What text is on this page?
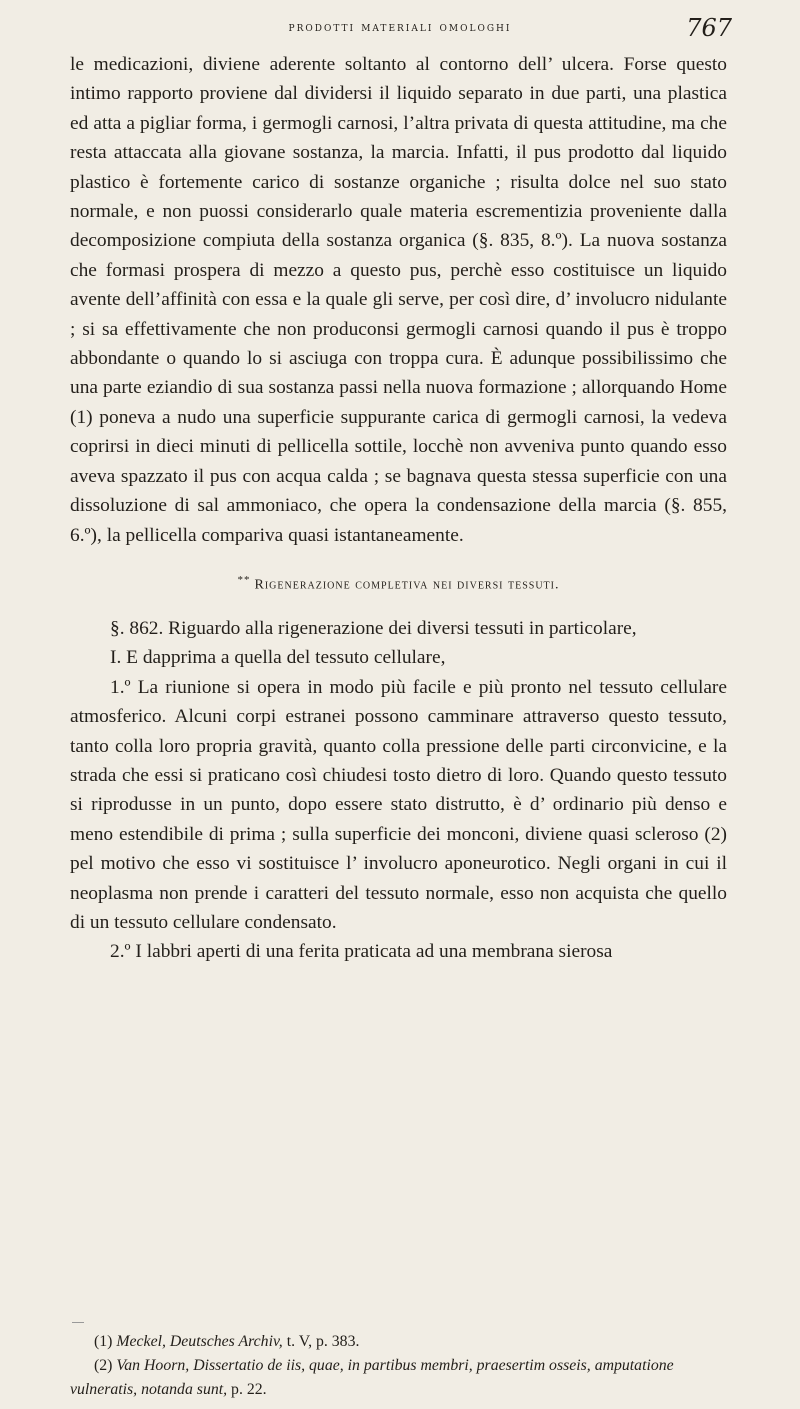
prodotti materiali omologhi	767

le medicazioni, diviene aderente soltanto al contorno dell’ ulcera. Forse questo intimo rapporto proviene dal dividersi il liquido separato in due parti, una plastica ed atta a pigliar forma, i germogli carnosi, l’altra privata di questa attitudine, ma che resta attaccata alla giovane sostanza, la marcia. Infatti, il pus prodotto dal liquido plastico è fortemente carico di sostanze organiche ; risulta dolce nel suo stato normale, e non puossi considerarlo quale materia escrementizia proveniente dalla decomposizione compiuta della sostanza organica (§. 835, 8.º). La nuova sostanza che formasi prospera di mezzo a questo pus, perchè esso costituisce un liquido avente dell’affinità con essa e la quale gli serve, per così dire, d’ involucro nidulante ; si sa effettivamente che non produconsi germogli carnosi quando il pus è troppo abbondante o quando lo si asciuga con troppa cura. È adunque possibilissimo che una parte eziandio di sua sostanza passi nella nuova formazione ; allorquando Home (1) poneva a nudo una superficie suppurante carica di germogli carnosi, la vedeva coprirsi in dieci minuti di pellicella sottile, locchè non avveniva punto quando esso aveva spazzato il pus con acqua calda ; se bagnava questa stessa superficie con una dissoluzione di sal ammoniaco, che opera la condensazione della marcia (§. 855, 6.º), la pellicella compariva quasi istantaneamente.

** Rigenerazione completiva nei diversi tessuti.

§. 862. Riguardo alla rigenerazione dei diversi tessuti in particolare,

I. E dapprima a quella del tessuto cellulare,

1.º La riunione si opera in modo più facile e più pronto nel tessuto cellulare atmosferico. Alcuni corpi estranei possono camminare attraverso questo tessuto, tanto colla loro propria gravità, quanto colla pressione delle parti circonvicine, e la strada che essi si praticano così chiudesi tosto dietro di loro. Quando questo tessuto si riprodusse in un punto, dopo essere stato distrutto, è d’ ordinario più denso e meno estendibile di prima ; sulla superficie dei monconi, diviene quasi scleroso (2) pel motivo che esso vi sostituisce l’ involucro aponeurotico. Negli organi in cui il neoplasma non prende i caratteri del tessuto normale, esso non acquista che quello di un tessuto cellulare condensato.

2.º I labbri aperti di una ferita praticata ad una membrana sierosa

(1) Meckel, Deutsches Archiv, t. V, p. 383.

(2) Van Hoorn, Dissertatio de iis, quae, in partibus membri, praesertim osseis, amputatione vulneratis, notanda sunt, p. 22.
